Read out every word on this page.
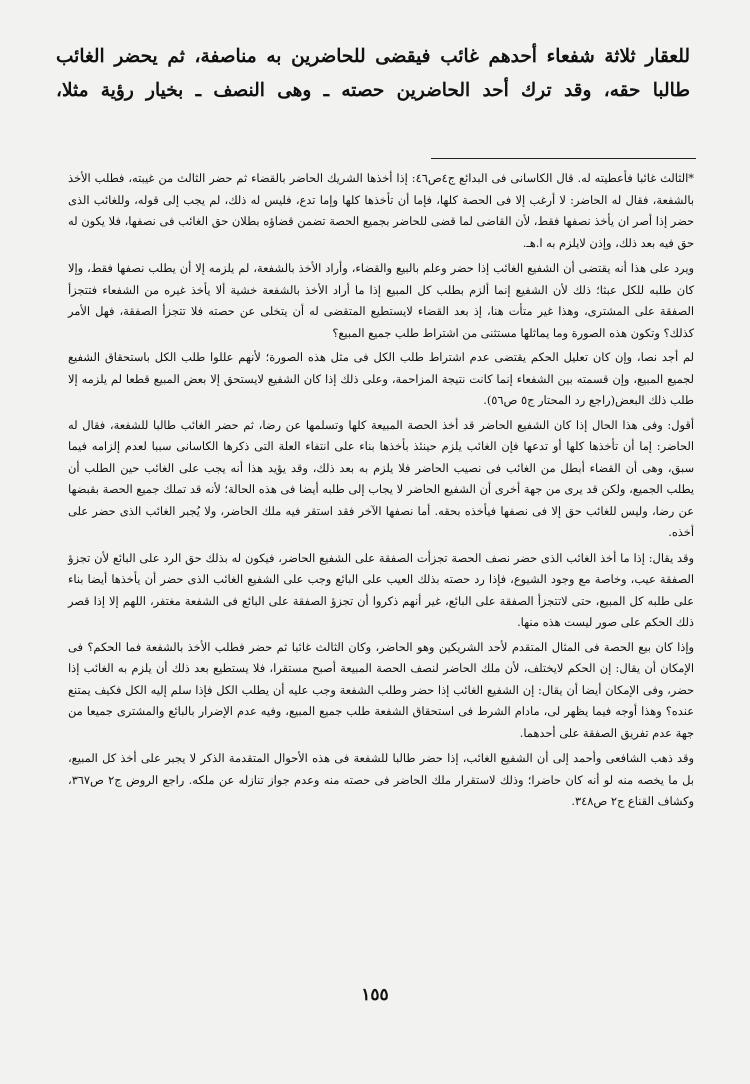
للعقار ثلاثة شفعاء أحدهم غائب فيقضى للحاضرين به مناصفة، ثم يحضر الغائب

طالبا حقه، وقد ترك أحد الحاضرين حصته ـ وهى النصف ـ بخيار رؤية مثلا،

*الثالث غائبا فأعطيته له. قال الكاسانى فى البدائع ج٤ص٤٦: إذا أخذها الشريك الحاضر بالقضاء ثم حضر الثالث من غيبته، فطلب الأخذ بالشفعة، فقال له الحاضر: لا أرغب إلا فى الحصة كلها، فإما أن تأخذها كلها وإما تدع، فليس له ذلك، لم يجب إلى قوله، وللغائب الذى حضر إذا أصر ان يأخذ نصفها فقط، لأن القاضى لما قضى للحاضر بجميع الحصة تضمن قضاؤه بطلان حق الغائب فى نصفها، فلا يكون له حق فيه بعد ذلك، وإذن لايلزم به ا.هـ.

ويرد على هذا أنه يقتضى أن الشفيع الغائب إذا حضر وعلم بالبيع والقضاء، وأراد الأخذ بالشفعة، لم يلزمه إلا أن يطلب نصفها فقط، وإلا كان طلبه للكل عبثا؛ ذلك لأن الشفيع إنما ألزم بطلب كل المبيع إذا ما أراد الأخذ بالشفعة خشية ألا يأخذ غيره من الشفعاء فتتجزأ الصفقة على المشترى، وهذا غير متأت هنا، إذ بعد القضاء لايستطيع المتقضى له أن يتخلى عن حصته فلا تتجزأ الصفقة، فهل الأمر كذلك؟ وتكون هذه الصورة وما يماثلها مستثنى من اشتراط طلب جميع المبيع؟

لم أجد نصا، وإن كان تعليل الحكم يقتضى عدم اشتراط طلب الكل فى مثل هذه الصورة؛ لأنهم عللوا طلب الكل باستحقاق الشفيع لجميع المبيع، وإن قسمته بين الشفعاء إنما كانت نتيجة المزاحمة، وعلى ذلك إذا كان الشفيع لايستحق إلا بعض المبيع قطعا لم يلزمه إلا طلب ذلك البعض(راجع رد المحتار ج٥ ص٥٦).

أقول: وفى هذا الحال إذا كان الشفيع الحاضر قد أخذ الحصة المبيعة كلها وتسلمها عن رضا، ثم حضر الغائب طالبا للشفعة، فقال له الحاضر: إما أن تأخذها كلها أو تدعها فإن الغائب يلزم حينئذ بأخذها بناء على انتفاء العلة التى ذكرها الكاسانى سببا لعدم إلزامه فيما سبق، وهى أن القضاء أبطل من الغائب فى نصيب الحاضر فلا يلزم به بعد ذلك، وقد يؤيد هذا أنه يجب على الغائب حين الطلب أن يطلب الجميع، ولكن قد يرى من جهة أخرى أن الشفيع الحاضر لا يجاب إلى طلبه أيضا فى هذه الحالة؛ لأنه قد تملك جميع الحصة بقبضها عن رضا، وليس للغائب حق إلا فى نصفها فيأخذه بحقه. أما نصفها الآخر فقد استقر فيه ملك الحاضر، ولا يُجبر الغائب الذى حضر على أخذه.

وقد يقال: إذا ما أخذ الغائب الذى حضر نصف الحصة تجزأت الصفقة على الشفيع الحاضر، فيكون له بذلك حق الرد على البائع لأن تجزؤ الصفقة عيب، وخاصة مع وجود الشيوع، فإذا رد حصته بذلك العيب على البائع وجب على الشفيع الغائب الذى حضر أن يأخذها أيضا بناء على طلبه كل المبيع، حتى لاتتجزأ الصفقة على البائع، غير أنهم ذكروا أن تجزؤ الصفقة على البائع فى الشفعة مغتفر، اللهم إلا إذا قصر ذلك الحكم على صور ليست هذه منها.

وإذا كان بيع الحصة فى المثال المتقدم لأحد الشريكين وهو الحاضر، وكان الثالث غائبا ثم حضر فطلب الأخذ بالشفعة فما الحكم؟ فى الإمكان أن يقال: إن الحكم لايختلف، لأن ملك الحاضر لنصف الحصة المبيعة أصبح مستقرا، فلا يستطيع بعد ذلك أن يلزم به الغائب إذا حضر، وفى الإمكان أيضا أن يقال: إن الشفيع الغائب إذا حضر وطلب الشفعة وجب عليه أن يطلب الكل فإذا سلم إليه الكل فكيف يمتنع عنده؟ وهذا أوجه فيما يظهر لى، مادام الشرط فى استحقاق الشفعة طلب جميع المبيع، وفيه عدم الإضرار بالبائع والمشترى جميعا من جهة عدم تفريق الصفقة على أحدهما.

وقد ذهب الشافعى وأحمد إلى أن الشفيع الغائب، إذا حضر طالبا للشفعة فى هذه الأحوال المتقدمة الذكر لا يجبر على أخذ كل المبيع، بل ما يخصه منه لو أنه كان حاضرا؛ وذلك لاستقرار ملك الحاضر فى حصته منه وعدم جواز تنازله عن ملكه. راجع الروض ج٢ ص٣٦٧، وكشاف القناع ج٢ ص٣٤٨.

١٥٥
